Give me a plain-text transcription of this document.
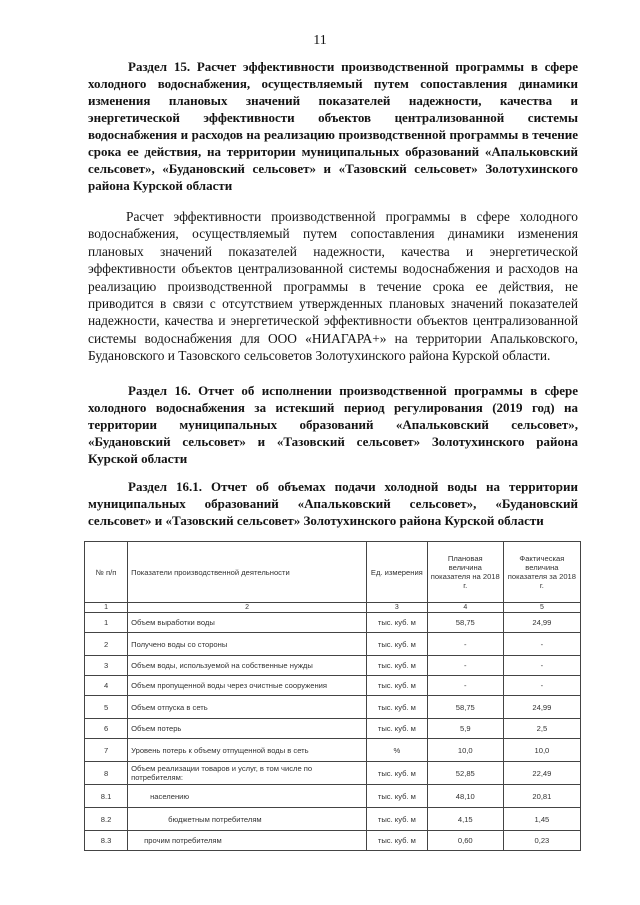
11

Раздел 15. Расчет эффективности производственной программы в сфере холодного водоснабжения, осуществляемый путем сопоставления динамики изменения плановых значений показателей надежности, качества и энергетической эффективности объектов централизованной системы водоснабжения и расходов на реализацию производственной программы в течение срока ее действия, на территории муниципальных образований «Апальковский сельсовет», «Будановский сельсовет» и «Тазовский сельсовет» Золотухинского района Курской области

Расчет эффективности производственной программы в сфере холодного водоснабжения, осуществляемый путем сопоставления динамики изменения плановых значений показателей надежности, качества и энергетической эффективности объектов централизованной системы водоснабжения и расходов на реализацию производственной программы в течение срока ее действия, не приводится в связи с отсутствием утвержденных плановых значений показателей надежности, качества и энергетической эффективности объектов централизованной системы водоснабжения для ООО «НИАГАРА+» на территории Апальковского, Будановского и Тазовского сельсоветов Золотухинского района Курской области.

Раздел 16. Отчет об исполнении производственной программы в сфере холодного водоснабжения за истекший период регулирования (2019 год) на территории муниципальных образований «Апальковский сельсовет», «Будановский сельсовет» и «Тазовский сельсовет» Золотухинского района Курской области

Раздел 16.1. Отчет об объемах подачи холодной воды на территории муниципальных образований «Апальковский сельсовет», «Будановский сельсовет» и «Тазовский сельсовет» Золотухинского района Курской области

№ п/п	Показатели производственной деятельности	Ед. измерения	Плановая величина показателя на 2018 г.	Фактическая величина показателя за 2018 г.
1	2	3	4	5
1	Объем выработки воды	тыс. куб. м	58,75	24,99
2	Получено воды со стороны	тыс. куб. м	-	-
3	Объем воды, используемой на собственные нужды	тыс. куб. м	-	-
4	Объем пропущенной воды через очистные сооружения	тыс. куб. м	-	-
5	Объем отпуска в сеть	тыс. куб. м	58,75	24,99
6	Объем потерь	тыс. куб. м	5,9	2,5
7	Уровень потерь к объему отпущенной воды в сеть	%	10,0	10,0
8	Объем реализации товаров и услуг, в том числе по потребителям:	тыс. куб. м	52,85	22,49
8.1	населению	тыс. куб. м	48,10	20,81
8.2	бюджетным потребителям	тыс. куб. м	4,15	1,45
8.3	прочим потребителям	тыс. куб. м	0,60	0,23
